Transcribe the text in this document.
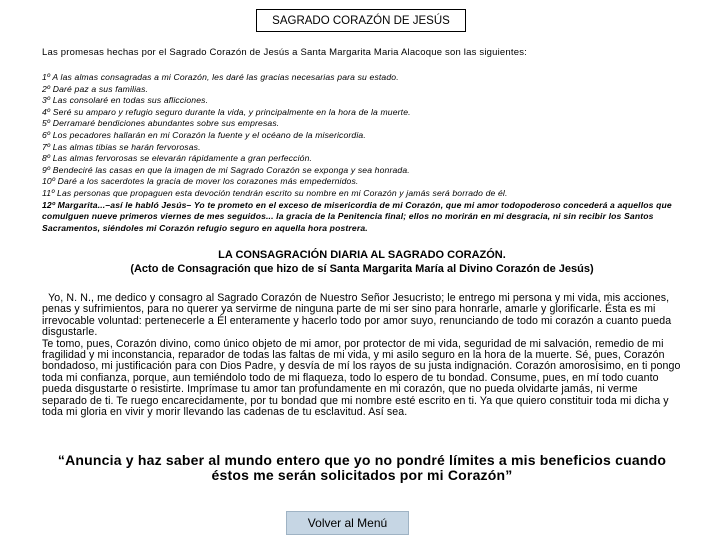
SAGRADO CORAZÓN DE JESÚS
Las promesas hechas por el Sagrado Corazón de Jesús a Santa Margarita Maria Alacoque son las siguientes:
1º A las almas consagradas a mi Corazón, les daré las gracias necesarias para su estado.
2º Daré paz a sus familias.
3º Las consolaré en todas sus aflicciones.
4º Seré su amparo y refugio seguro durante la vida, y principalmente en la hora de la muerte.
5º Derramaré bendiciones abundantes sobre sus empresas.
6º Los pecadores hallarán en mi Corazón la fuente y el océano de la misericordia.
7º Las almas tibias se harán fervorosas.
8º Las almas fervorosas se elevarán rápidamente a gran perfección.
9º Bendeciré las casas en que la imagen de mi Sagrado Corazón se exponga y sea honrada.
10º Daré a los sacerdotes la gracia de mover los corazones más empedernidos.
11º Las personas que propaguen esta devoción tendrán escrito su nombre en mi Corazón y jamás será borrado de él.
12º Margarita...–así le habló Jesús– Yo te prometo en el exceso de misericordia de mi Corazón, que mi amor todopoderoso concederá a aquellos que comulguen nueve primeros viernes de mes seguidos... la gracia de la Penitencia final; ellos no morirán en mi desgracia, ni sin recibir los Santos Sacramentos, siéndoles mi Corazón refugio seguro en aquella hora postrera.
LA CONSAGRACIÓN DIARIA AL SAGRADO CORAZÓN.
(Acto de Consagración que hizo de sí Santa Margarita María al Divino Corazón de Jesús)

Yo, N. N., me dedico y consagro al Sagrado Corazón de Nuestro Señor Jesucristo; le entrego mi persona y mi vida, mis acciones, penas y sufrimientos, para no querer ya servirme de ninguna parte de mi ser sino para honrarle, amarle y glorificarle. Ésta es mi irrevocable voluntad: pertenecerle a Él enteramente y hacerlo todo por amor suyo, renunciando de todo mi corazón a cuanto pueda disgustarle.

Te tomo, pues, Corazón divino, como único objeto de mi amor, por protector de mi vida, seguridad de mi salvación, remedio de mi fragilidad y mi inconstancia, reparador de todas las faltas de mi vida, y mi asilo seguro en la hora de la muerte. Sé, pues, Corazón bondadoso, mi justificación para con Dios Padre, y desvía de mí los rayos de su justa indignación. Corazón amorosísimo, en ti pongo toda mi confianza, porque, aun temiéndolo todo de mi flaqueza, todo lo espero de tu bondad. Consume, pues, en mí todo cuanto pueda disgustarte o resistirte. Imprímase tu amor tan profundamente en mi corazón, que no pueda olvidarte jamás, ni verme separado de ti. Te ruego encarecidamente, por tu bondad que mi nombre esté escrito en ti. Ya que quiero constituir toda mi dicha y toda mi gloria en vivir y morir llevando las cadenas de tu esclavitud. Así sea.

“Anuncia y haz saber al mundo entero que yo no pondré límites a mis beneficios cuando éstos me serán solicitados por mi Corazón”
Volver al Menú
